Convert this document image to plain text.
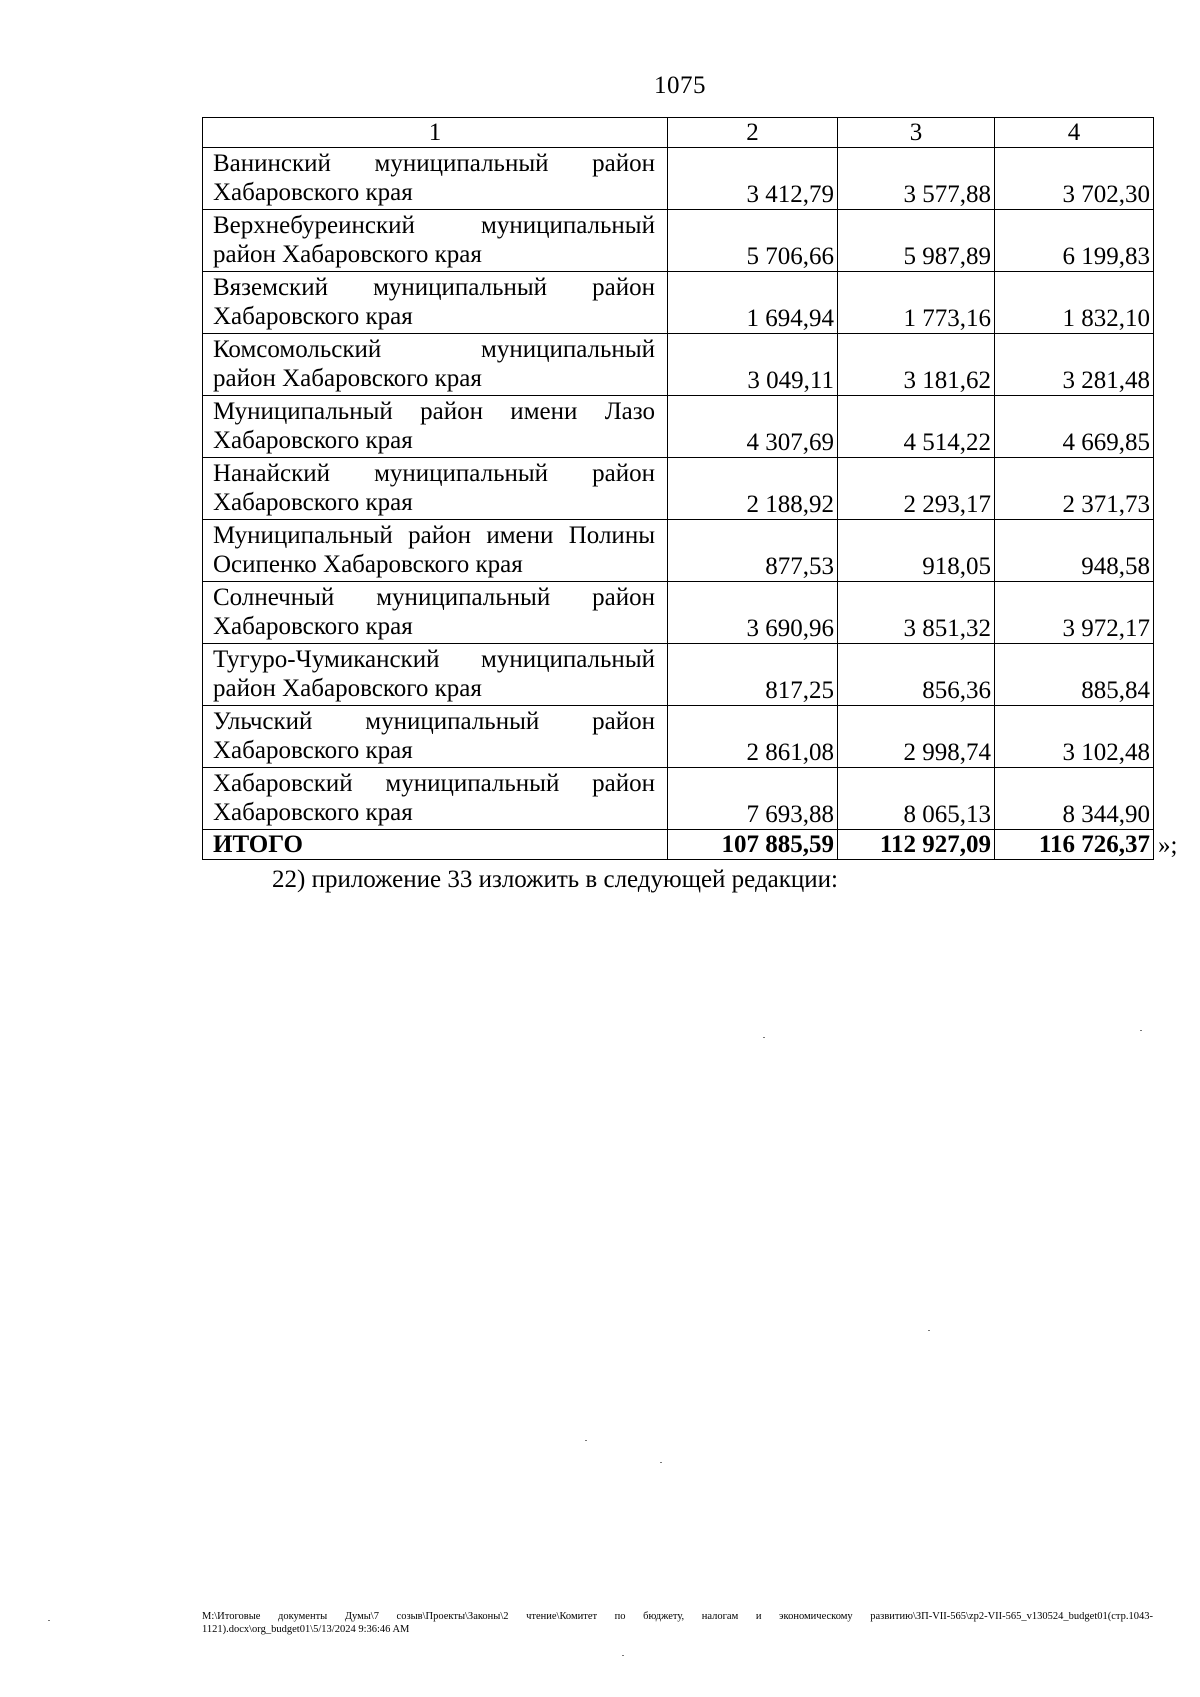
1075
1	2	3	4

Ванинский муниципальный район
Хабаровского края	3 412,79	3 577,88	3 702,30

Верхнебуреинский муниципальный
район Хабаровского края	5 706,66	5 987,89	6 199,83

Вяземский муниципальный район
Хабаровского края	1 694,94	1 773,16	1 832,10

Комсомольский муниципальный
район Хабаровского края	3 049,11	3 181,62	3 281,48

Муниципальный район имени Лазо
Хабаровского края	4 307,69	4 514,22	4 669,85

Нанайский муниципальный район
Хабаровского края	2 188,92	2 293,17	2 371,73

Муниципальный район имени Полины
Осипенко Хабаровского края	877,53	918,05	948,58

Солнечный муниципальный район
Хабаровского края	3 690,96	3 851,32	3 972,17

Тугуро-Чумиканский муниципальный
район Хабаровского края	817,25	856,36	885,84

Ульчский муниципальный район
Хабаровского края	2 861,08	2 998,74	3 102,48

Хабаровский муниципальный район
Хабаровского края	7 693,88	8 065,13	8 344,90
ИТОГО	107 885,59	112 927,09	116 726,37 »;
22) приложение 33 изложить в следующей редакции:
М:\Итоговые документы Думы\7 созыв\Проекты\Законы\2 чтение\Комитет по бюджету, налогам и экономическому развитию\ЗП-VII-565\zp2-VII-565_v130524_budget01(стр.1043-1121).docx\org_budget01\5/13/2024 9:36:46 AM
